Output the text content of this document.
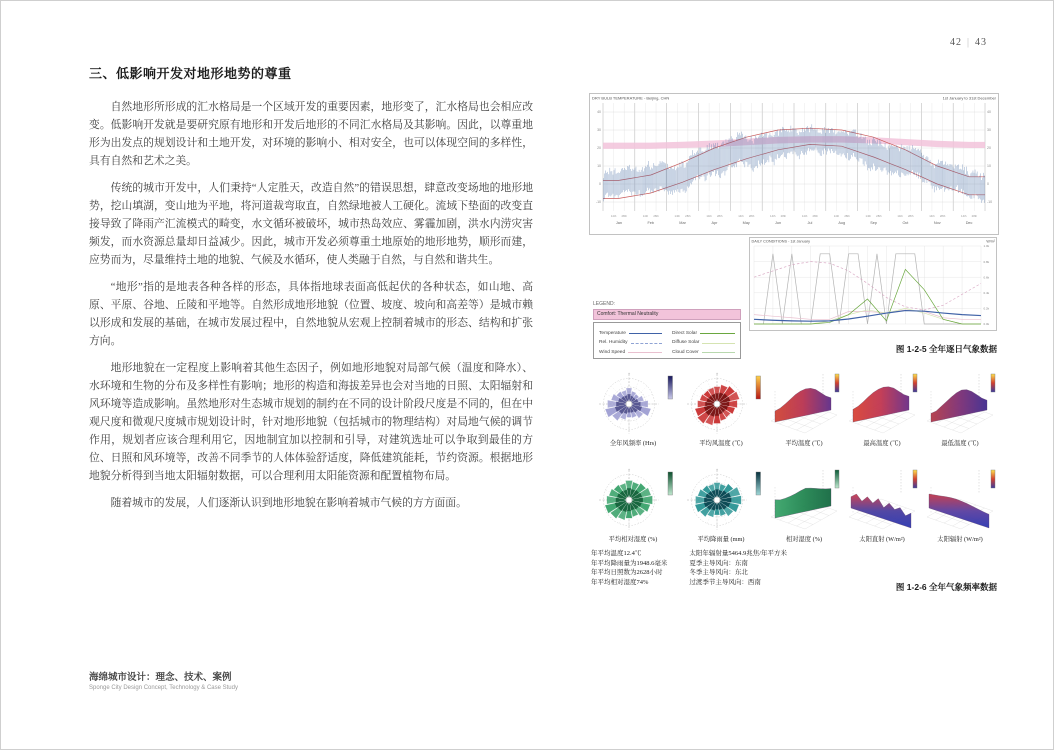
42 | 43
三、低影响开发对地形地势的尊重

自然地形所形成的汇水格局是一个区域开发的重要因素，地形变了，汇水格局也会相应改变。低影响开发就是要研究原有地形和开发后地形的不同汇水格局及其影响。因此，以尊重地形为出发点的规划设计和土地开发，对环境的影响小、相对安全，也可以体现空间的多样性，具有自然和艺术之美。

传统的城市开发中，人们秉持“人定胜天，改造自然”的错误思想，肆意改变场地的地形地势，挖山填湖，变山地为平地，将河道裁弯取直，自然绿地被人工硬化。流域下垫面的改变直接导致了降雨产汇流模式的畸变，水文循环被破坏，城市热岛效应、雾霾加剧，洪水内涝灾害频发，而水资源总量却日益减少。因此，城市开发必须尊重土地原始的地形地势，顺形而建，应势而为，尽量维持土地的地貌、气候及水循环，使人类融于自然，与自然和谐共生。

“地形”指的是地表各种各样的形态，具体指地球表面高低起伏的各种状态，如山地、高原、平原、谷地、丘陵和平地等。自然形成地形地貌（位置、坡度、坡向和高差等）是城市赖以形成和发展的基础，在城市发展过程中，自然地貌从宏观上控制着城市的形态、结构和扩张方向。

地形地貌在一定程度上影响着其他生态因子，例如地形地貌对局部气候（温度和降水）、水环境和生物的分布及多样性有影响；地形的构造和海拔差异也会对当地的日照、太阳辐射和风环境等造成影响。虽然地形对生态城市规划的制约在不同的设计阶段尺度是不同的，但在中观尺度和微观尺度城市规划设计时，针对地形地貌（包括城市的物理结构）对局地气候的调节作用，规划者应该合理利用它，因地制宜加以控制和引导，对建筑选址可以争取到最佳的方位、日照和风环境等，改善不同季节的人体体验舒适度，降低建筑能耗，节约资源。根据地形地貌分析得到当地太阳辐射数据，可以合理利用太阳能资源和配置植物布局。

随着城市的发展，人们逐渐认识到地形地貌在影响着城市气候的方方面面。

DRY BULB TEMPERATURE - Beijing, CHN	1st January to 31st December
14th 28th	14th 28th	14th 28th	14th 28th	14th 28th	14th 28th	14th 28th	14th 28th	14th 28th	14th 28th	14th 28th	14th 28th
40	40
30	30
20	20
10	10
0	0
-10	-10
Jan	Feb	Mar	Apr	May	Jun	Jul	Aug	Sep	Oct	Nov	Dec
LEGEND:
Comfort: Thermal Neutrality
Temperature
Rel. Humidity
Wind Speed
Direct Solar
Diffuse Solar
Cloud Cover
DAILY CONDITIONS - 1st January	W/m²
1.0k
0.8k
0.6k
0.4k
0.2k
0.0k
图 1-2-5 全年逐日气象数据
+
全年风频率 (Hrs)
+
平均风温度 (℃)	平均温度 (℃)	最高温度 (℃)	最低温度 (℃)
+
平均相对湿度 (%)
+
平均降雨量 (mm)	相对湿度 (%)	太阳直射 (W/m²)	太阳辐射 (W/m²)
年平均温度12.4℃
年平均降雨量为1948.6毫米
年平均日照数为2628小时
年平均相对湿度74%
太阳年辐射量5464.9兆焦/年平方米
夏季主导风向：东南
冬季主导风向：东北
过渡季节主导风向：西南	图 1-2-6 全年气象频率数据
海绵城市设计：理念、技术、案例
Sponge City Design Concept, Technology & Case Study
